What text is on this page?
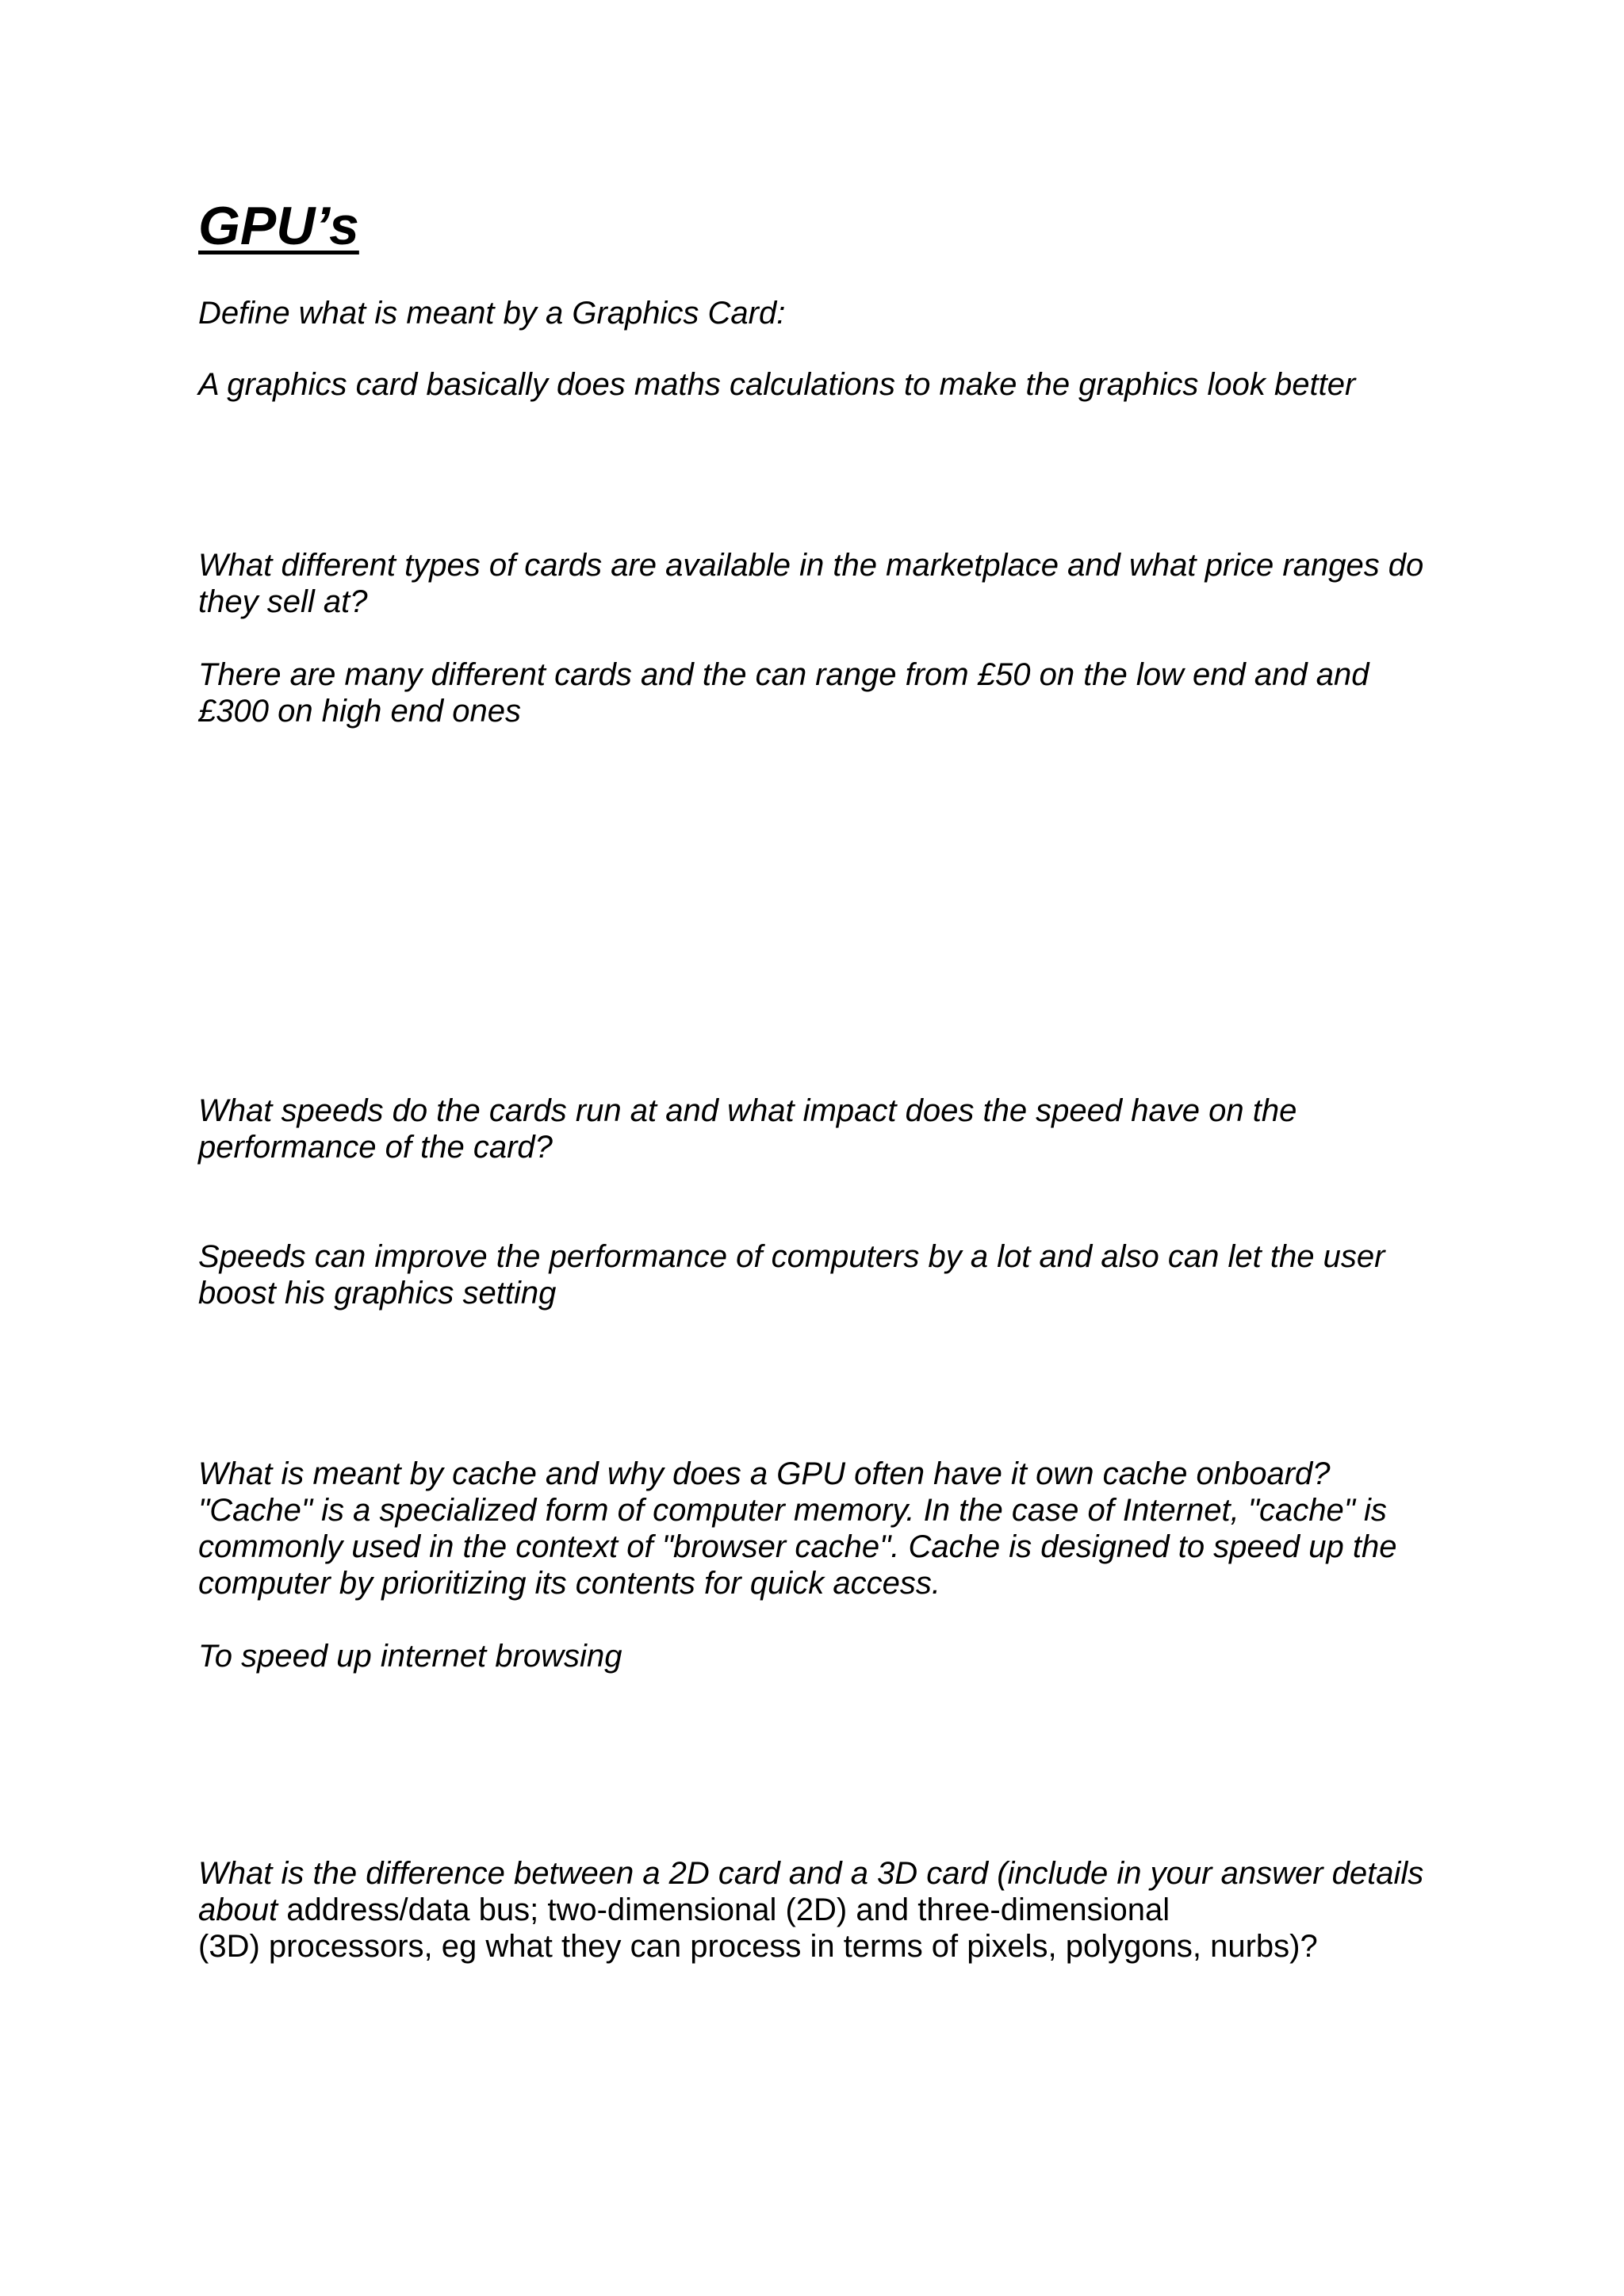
GPU’s

Define what is meant by a Graphics Card:

A graphics card basically does maths calculations to make the graphics look better

What different types of cards are available in the marketplace and what price ranges do
they sell at?

There are many different cards and the can range from £50 on the low end and and
£300 on high end ones

What speeds do the cards run at and what impact does the speed have on the
performance of the card?

Speeds can improve the performance of computers by a lot and also can let the user
boost his graphics setting

What is meant by cache and why does a GPU often have it own cache onboard?

"Cache" is a specialized form of computer memory. In the case of Internet, "cache" is
commonly used in the context of "browser cache". Cache is designed to speed up the
computer by prioritizing its contents for quick access.

To speed up internet browsing

What is the difference between a 2D card and a 3D card (include in your answer details
about address/data bus; two-dimensional (2D) and three-dimensional
(3D) processors, eg what they can process in terms of pixels, polygons, nurbs)?
